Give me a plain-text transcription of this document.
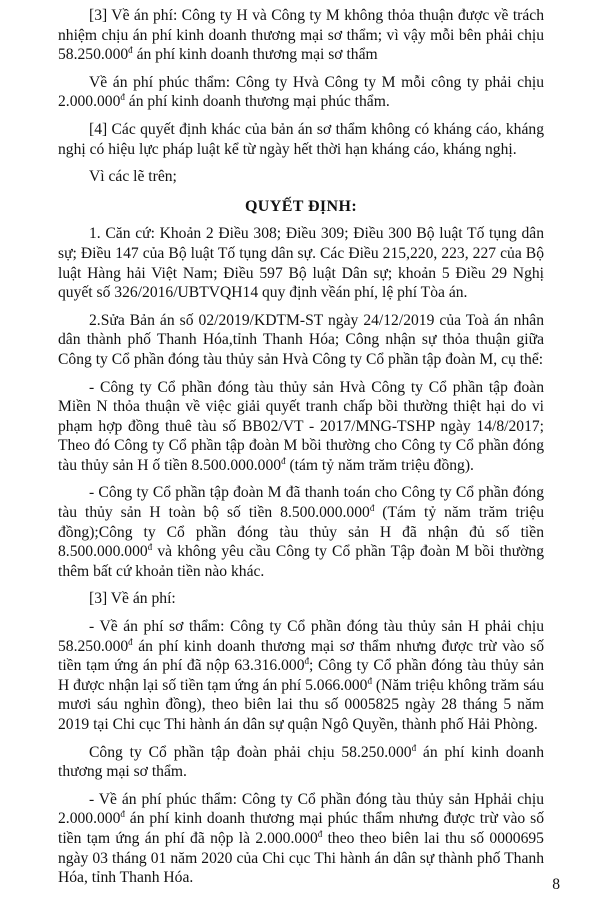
[3] Về án phí: Công ty H và Công ty M không thỏa thuận được về trách nhiệm chịu án phí kinh doanh thương mại sơ thẩm; vì vậy mỗi bên phải chịu $58.250.000^đ$ án phí kinh doanh thương mại sơ thẩm

Về án phí phúc thẩm: Công ty Hvà Công ty M mỗi công ty phải chịu $2.000.000^đ$ án phí kinh doanh thương mại phúc thẩm.

[4] Các quyết định khác của bản án sơ thẩm không có kháng cáo, kháng nghị có hiệu lực pháp luật kể từ ngày hết thời hạn kháng cáo, kháng nghị.

Vì các lẽ trên;

QUYẾT ĐỊNH:

1. Căn cứ: Khoản 2 Điều 308; Điều 309; Điều 300 Bộ luật Tố tụng dân sự; Điều 147 của Bộ luật Tố tụng dân sự. Các Điều 215,220, 223, 227 của Bộ luật Hàng hải Việt Nam; Điều 597 Bộ luật Dân sự; khoản 5 Điều 29 Nghị quyết số 326/2016/UBTVQH14 quy định vềán phí, lệ phí Tòa án.

2.Sửa Bản án số 02/2019/KDTM-ST ngày 24/12/2019 của Toà án nhân dân thành phố Thanh Hóa,tỉnh Thanh Hóa; Công nhận sự thỏa thuận giữa Công ty Cổ phần đóng tàu thủy sản Hvà Công ty Cổ phần tập đoàn M, cụ thể:

- Công ty Cổ phần đóng tàu thủy sản Hvà Công ty Cổ phần tập đoàn Miền N thỏa thuận về việc giải quyết tranh chấp bồi thường thiệt hại do vi phạm hợp đồng thuê tàu số BB02/VT - 2017/MNG-TSHP ngày 14/8/2017; Theo đó Công ty Cổ phần tập đoàn M bồi thường cho Công ty Cổ phần đóng tàu thủy sản H ố tiền $8.500.000.000^đ$ (tám tỷ năm trăm triệu đồng).

- Công ty Cổ phần tập đoàn M đã thanh toán cho Công ty Cổ phần đóng tàu thủy sản H toàn bộ số tiền $8.500.000.000^đ$ (Tám tỷ năm trăm triệu đồng);Công ty Cổ phần đóng tàu thủy sản H đã nhận đủ số tiền $8.500.000.000^đ$ và không yêu cầu Công ty Cổ phần Tập đoàn M bồi thường thêm bất cứ khoản tiền nào khác.

[3] Về án phí:

- Về án phí sơ thẩm: Công ty Cổ phần đóng tàu thủy sản H phải chịu $58.250.000^đ$ án phí kinh doanh thương mại sơ thẩm nhưng được trừ vào số tiền tạm ứng án phí đã nộp $63.316.000^đ$; Công ty Cổ phần đóng tàu thủy sản H được nhận lại số tiền tạm ứng án phí $5.066.000^đ$ (Năm triệu không trăm sáu mươi sáu nghìn đồng), theo biên lai thu số 0005825 ngày 28 tháng 5 năm 2019 tại Chi cục Thi hành án dân sự quận Ngô Quyền, thành phố Hải Phòng.

Công ty Cổ phần tập đoàn phải chịu $58.250.000^đ$ án phí kinh doanh thương mại sơ thẩm.

- Về án phí phúc thẩm: Công ty Cổ phần đóng tàu thủy sản Hphải chịu $2.000.000^đ$ án phí kinh doanh thương mại phúc thẩm nhưng được trừ vào số tiền tạm ứng án phí đã nộp là $2.000.000^đ$ theo theo biên lai thu số 0000695 ngày 03 tháng 01 năm 2020 của Chi cục Thi hành án dân sự thành phố Thanh Hóa, tỉnh Thanh Hóa.	8
